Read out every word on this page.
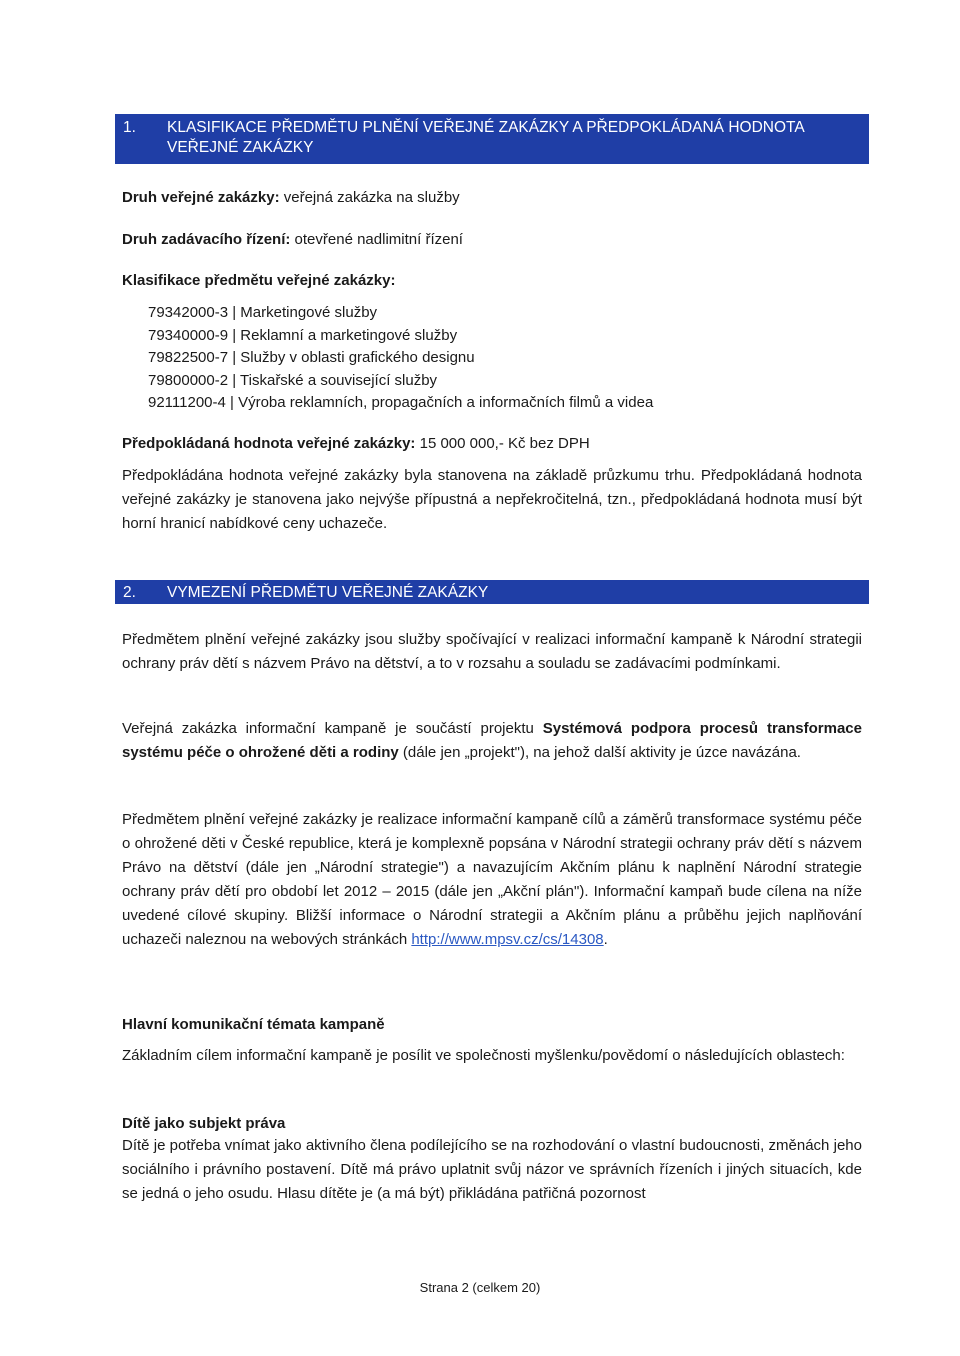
1.	KLASIFIKACE PŘEDMĚTU PLNĚNÍ VEŘEJNÉ ZAKÁZKY A PŘEDPOKLÁDANÁ HODNOTA
VEŘEJNÉ ZAKÁZKY
Druh veřejné zakázky: veřejná zakázka na služby
Druh zadávacího řízení: otevřené nadlimitní řízení
Klasifikace předmětu veřejné zakázky:
79342000-3 | Marketingové služby
79340000-9 | Reklamní a marketingové služby
79822500-7 | Služby v oblasti grafického designu
79800000-2 | Tiskařské a související služby
92111200-4 | Výroba reklamních, propagačních a informačních filmů a videa
Předpokládaná hodnota veřejné zakázky: 15 000 000,- Kč bez DPH
Předpokládána hodnota veřejné zakázky byla stanovena na základě průzkumu trhu. Předpokládaná hodnota veřejné zakázky je stanovena jako nejvýše přípustná a nepřekročitelná, tzn., předpokládaná hodnota musí být horní hranicí nabídkové ceny uchazeče.
2.	VYMEZENÍ PŘEDMĚTU VEŘEJNÉ ZAKÁZKY
Předmětem plnění veřejné zakázky jsou služby spočívající v realizaci informační kampaně k Národní strategii ochrany práv dětí s názvem Právo na dětství, a to v rozsahu a souladu se zadávacími podmínkami.
Veřejná zakázka informační kampaně je součástí projektu Systémová podpora procesů transformace systému péče o ohrožené děti a rodiny (dále jen „projekt"), na jehož další aktivity je úzce navázána.
Předmětem plnění veřejné zakázky je realizace informační kampaně cílů a záměrů transformace systému péče o ohrožené děti v České republice, která je komplexně popsána v Národní strategii ochrany práv dětí s názvem Právo na dětství (dále jen „Národní strategie") a navazujícím Akčním plánu k naplnění Národní strategie ochrany práv dětí pro období let 2012 – 2015 (dále jen „Akční plán"). Informační kampaň bude cílena na níže uvedené cílové skupiny. Bližší informace o Národní strategii a Akčním plánu a průběhu jejich naplňování uchazeči naleznou na webových stránkách http://www.mpsv.cz/cs/14308.
Hlavní komunikační témata kampaně
Základním cílem informační kampaně je posílit ve společnosti myšlenku/povědomí o následujících oblastech:
Dítě jako subjekt práva
Dítě je potřeba vnímat jako aktivního člena podílejícího se na rozhodování o vlastní budoucnosti, změnách jeho sociálního i právního postavení. Dítě má právo uplatnit svůj názor ve správních řízeních i jiných situacích, kde se jedná o jeho osudu. Hlasu dítěte je (a má být) přikládána patřičná pozornost
Strana 2 (celkem 20)
